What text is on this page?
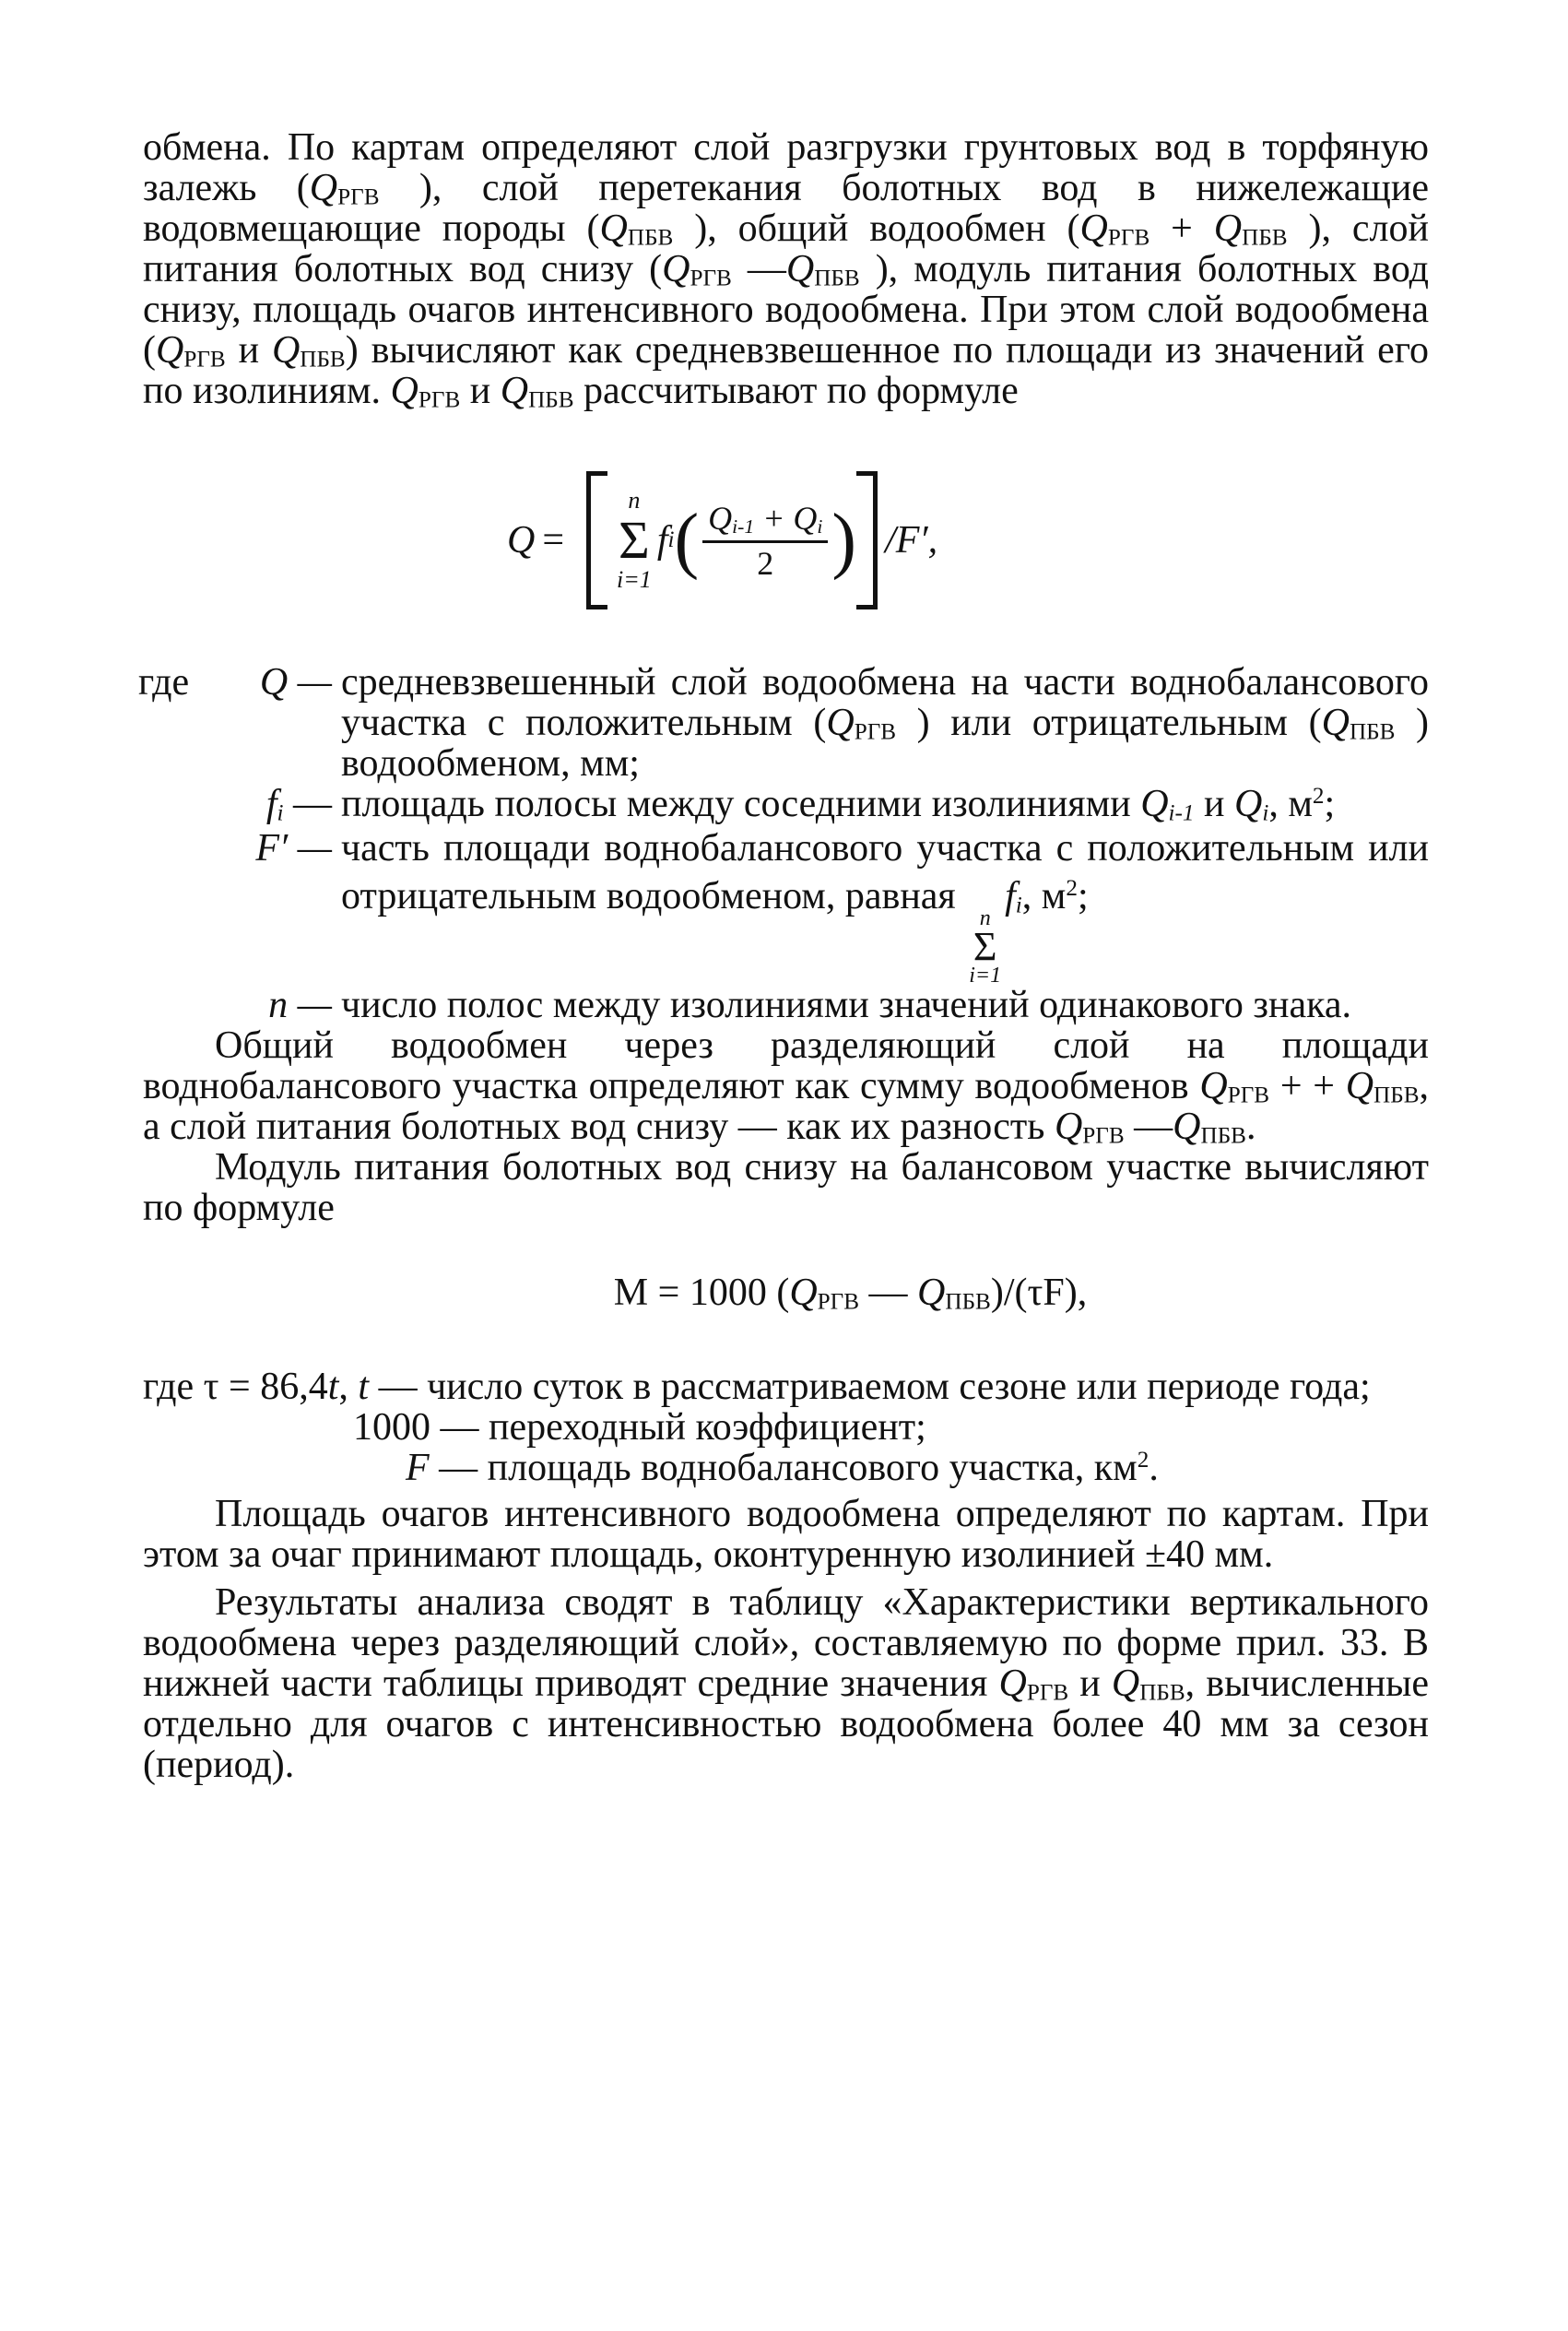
обмена. По картам определяют слой разгрузки грунтовых вод в торфяную залежь ($Q_{РГВ}$ ), слой перетекания болотных вод в нижележащие водовмещающие породы ($Q_{ПБВ}$ ), общий водообмен ($Q_{РГВ} + Q_{ПБВ}$ ), слой питания болотных вод снизу ($Q_{РГВ}$ $—Q_{ПБВ}$ ), модуль питания болотных вод снизу, площадь очагов интенсивного водообмена. При этом слой водообмена ($Q_{РГВ}$ и $Q_{ПБВ}$) вычисляют как средневзвешенное по площади из значений его по изолиниям. $Q_{РГВ}$ и $Q_{ПБВ}$ рассчитывают по формуле

Q =
n
Σ
i=1
f i ( $\frac{Q_{i-1} + Q_i}{2}$ ) /F′,
где Q — средневзвешенный слой водообмена на части воднобалансового участка с положительным ($Q_{РГВ}$ ) или отрицательным ($Q_{ПБВ}$ ) водообменом, мм;
$f_i$ — площадь полосы между соседними изолиниями $Q_{i-1}$ и $Q_i$, $м^2$;
F′ — часть площади воднобалансового участка с положительным или отрицательным водообменом, равная
n
Σ
i=1
$f_i$, $м^2$;
n — число полос между изолиниями значений одинакового знака.

Общий водообмен через разделяющий слой на площади воднобалансового участка определяют как сумму водообменов $Q_{РГВ}$ + + $Q_{ПБВ}$, а слой питания болотных вод снизу — как их разность $Q_{РГВ}$ $—Q_{ПБВ}$.

Модуль питания болотных вод снизу на балансовом участке вычисляют по формуле

M = 1000 ($Q_{РГВ}$ — $Q_{ПБВ})/(\tau F)$,
где τ = 86,4t, t — число суток в рассматриваемом сезоне или периоде года;
1000 — переходный коэффициент;
F — площадь воднобалансового участка, $км^2$.

Площадь очагов интенсивного водообмена определяют по картам. При этом за очаг принимают площадь, оконтуренную изолинией ±40 мм.

Результаты анализа сводят в таблицу «Характеристики вертикального водообмена через разделяющий слой», составляемую по форме прил. 33. В нижней части таблицы приводят средние значения $Q_{РГВ}$ и $Q_{ПБВ}$, вычисленные отдельно для очагов с интенсивностью водообмена более 40 мм за сезон (период).
